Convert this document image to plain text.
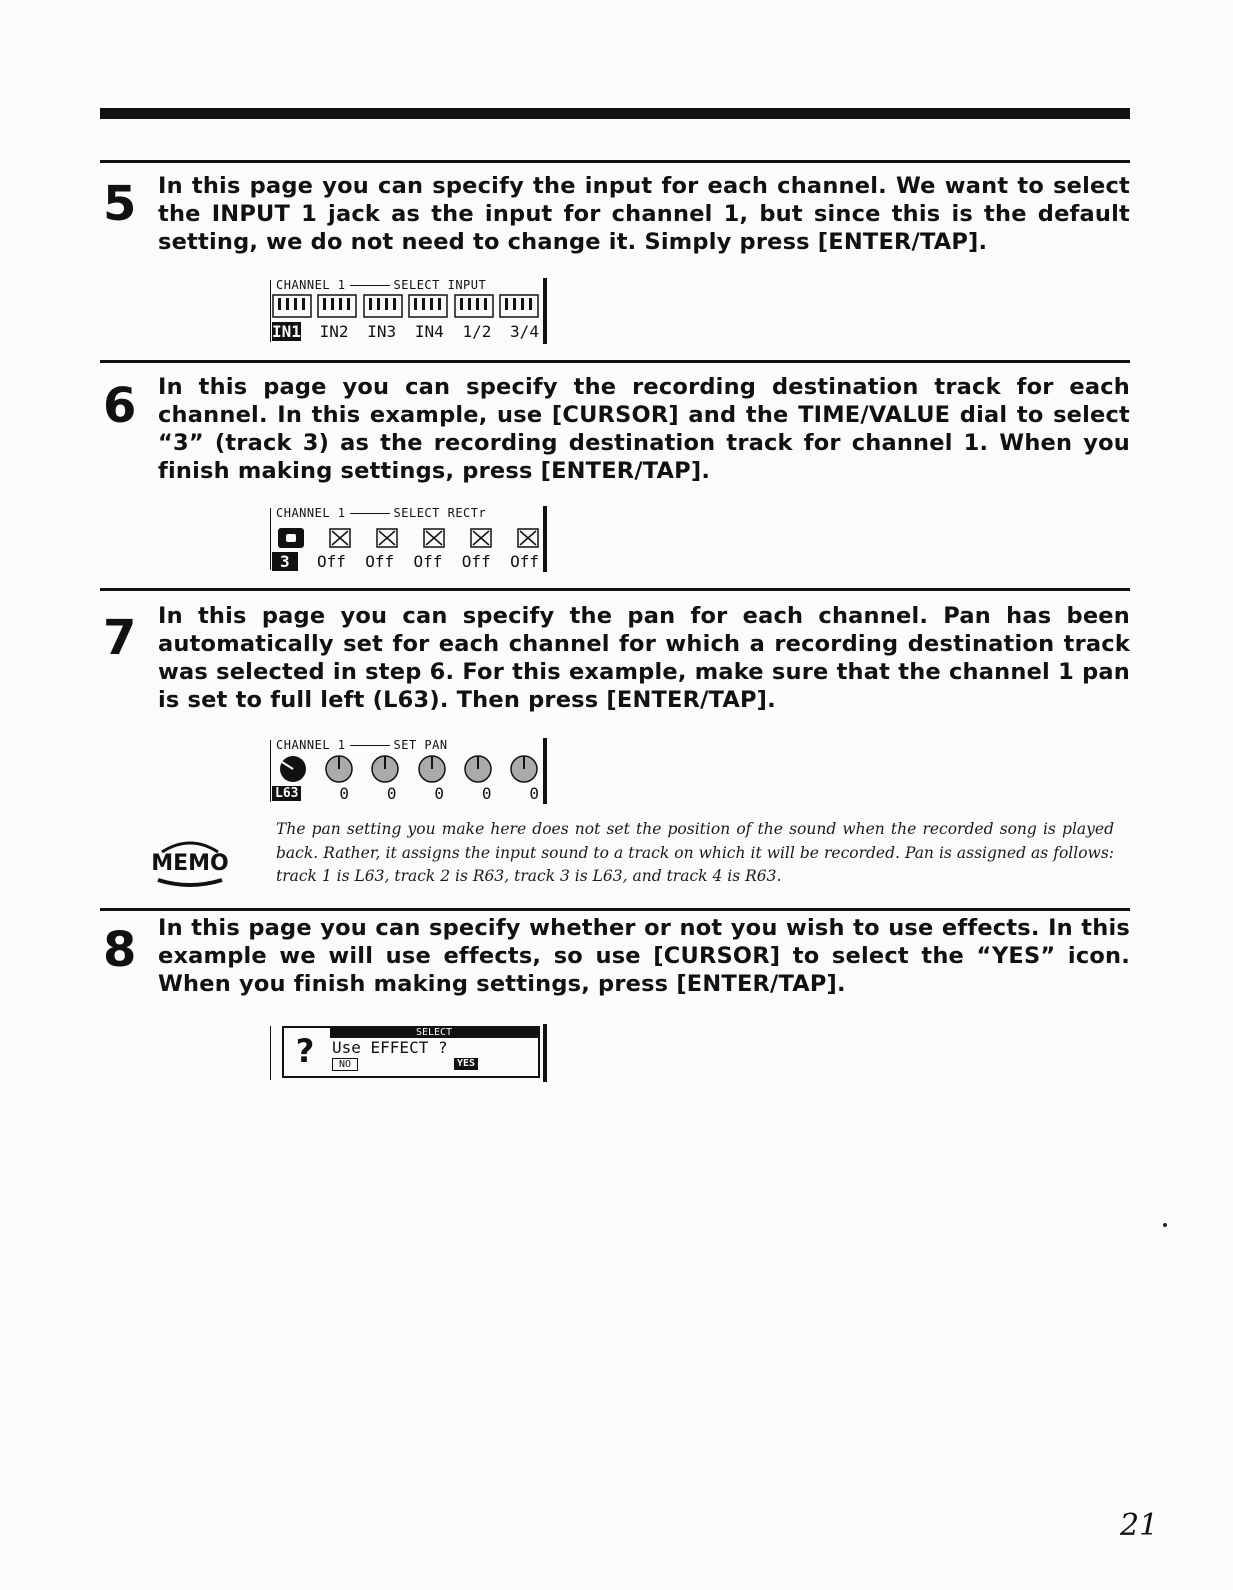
5 In this page you can specify the input for each channel. We want to select the INPUT 1 jack as the input for channel 1, but since this is the default setting, we do not need to change it. Simply press [ENTER/TAP].
CHANNEL 1	SELECT INPUT
IN1 IN2 IN3 IN4 1/2 3/4
6 In this page you can specify the recording destination track for each channel. In this example, use [CURSOR] and the TIME/VALUE dial to select “3” (track 3) as the recording destination track for channel 1. When you finish making settings, press [ENTER/TAP].
CHANNEL 1	SELECT RECTr
3	Off Off Off Off Off
7 In this page you can specify the pan for each channel. Pan has been automatically set for each channel for which a recording destination track was selected in step 6. For this example, make sure that the channel 1 pan is set to full left (L63). Then press [ENTER/TAP].
CHANNEL 1	SET PAN
L63	0 0 0 0 0
MEMO
The pan setting you make here does not set the position of the sound when the recorded song is played back. Rather, it assigns the input sound to a track on which it will be recorded. Pan is assigned as follows: track 1 is L63, track 2 is R63, track 3 is L63, and track 4 is R63.
8 In this page you can specify whether or not you wish to use effects. In this example we will use effects, so use [CURSOR] to select the “YES” icon. When you finish making settings, press [ENTER/TAP].
SELECT
? Use EFFECT ?
NO	YES
21
